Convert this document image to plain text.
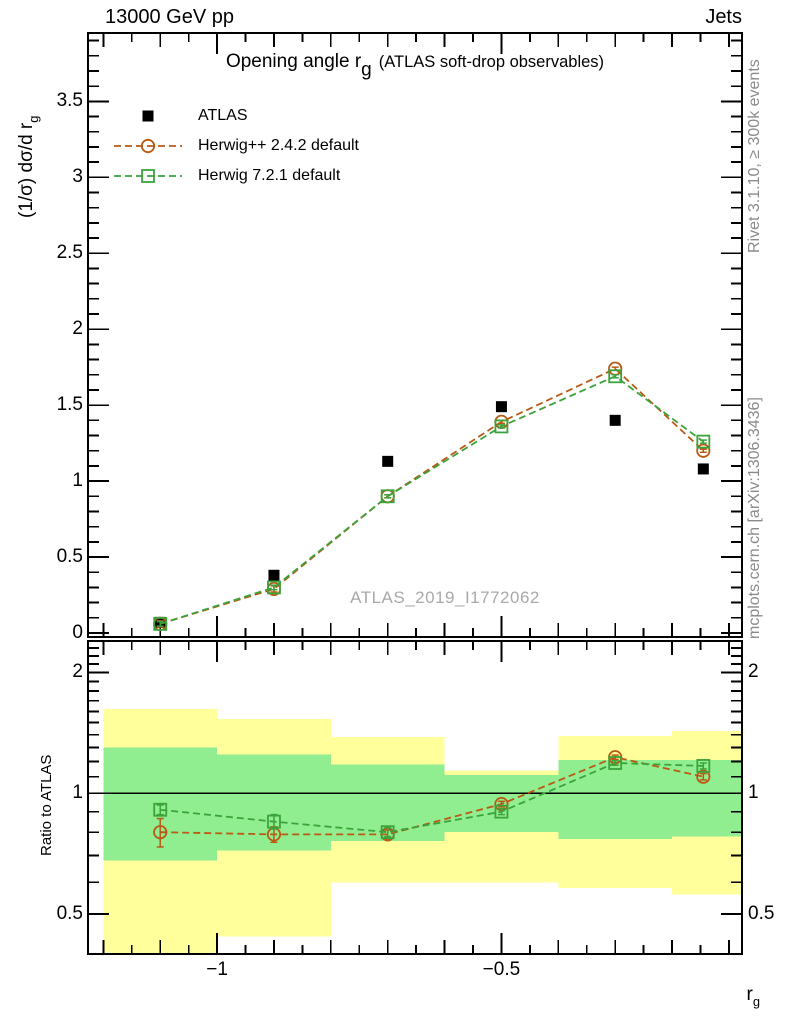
13000 GeV pp	Jets
Opening angle rg (ATLAS soft-drop observables)
ATLAS
Herwig++ 2.4.2 default
Herwig 7.2.1 default
ATLAS_2019_I1772062
(1/σ) dσ/d $r_g$
Ratio to ATLAS
$r_g$
Rivet 3.1.10, ≥ 300k events
mcplots.cern.ch [arXiv:1306.3436]
0
0.5
1
1.5
2
2.5
3
3.5
0.5	0.5
1	1
2	2
−1	−0.5
